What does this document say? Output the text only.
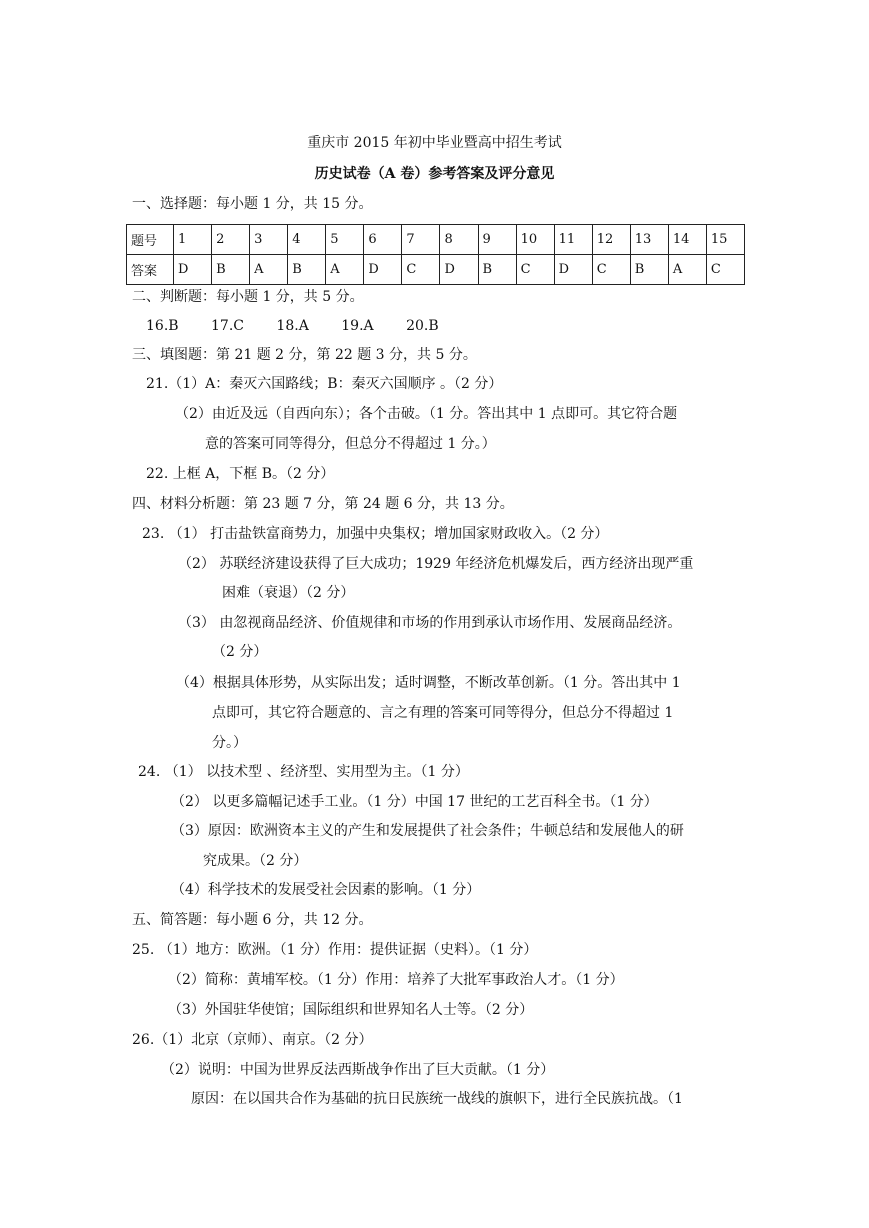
重庆市 2015 年初中毕业暨高中招生考试
历史试卷（A 卷）参考答案及评分意见
一、选择题：每小题 1 分，共 15 分。
题号	1	2	3	4	5	6	7	8	9	10	11	12	13	14	15
答案	D	B	A	B	A	D	C	D	B	C	D	C	B	A	C
二、判断题：每小题 1 分，共 5 分。
16.B　　 17.C　　 18.A　　 19.A　　 20.B
三、填图题：第 21 题 2 分，第 22 题 3 分，共 5 分。
21.（1）A：秦灭六国路线；B：秦灭六国顺序 。（2 分）
（2）由近及远（自西向东）；各个击破。（1 分。答出其中 1 点即可。其它符合题
意的答案可同等得分，但总分不得超过 1 分。）
22. 上框 A，下框 B。（2 分）
四、材料分析题：第 23 题 7 分，第 24 题 6 分，共 13 分。
23. （1） 打击盐铁富商势力，加强中央集权；增加国家财政收入。（2 分）
（2） 苏联经济建设获得了巨大成功；1929 年经济危机爆发后，西方经济出现严重
困难（衰退）（2 分）
（3） 由忽视商品经济、价值规律和市场的作用到承认市场作用、发展商品经济。
（2 分）
（4）根据具体形势，从实际出发；适时调整，不断改革创新。（1 分。答出其中 1
点即可，其它符合题意的、言之有理的答案可同等得分，但总分不得超过 1
分。）
24. （1） 以技术型 、经济型、实用型为主。（1 分）
（2） 以更多篇幅记述手工业。（1 分）中国 17 世纪的工艺百科全书。（1 分）
（3）原因：欧洲资本主义的产生和发展提供了社会条件；牛顿总结和发展他人的研
究成果。（2 分）
（4）科学技术的发展受社会因素的影响。（1 分）
五、简答题：每小题 6 分，共 12 分。
25. （1）地方：欧洲。（1 分）作用：提供证据（史料）。（1 分）
（2）简称：黄埔军校。（1 分）作用：培养了大批军事政治人才。（1 分）
（3）外国驻华使馆；国际组织和世界知名人士等。（2 分）
26.（1）北京（京师）、南京。（2 分）
（2）说明：中国为世界反法西斯战争作出了巨大贡献。（1 分）
原因：在以国共合作为基础的抗日民族统一战线的旗帜下，进行全民族抗战。（1
